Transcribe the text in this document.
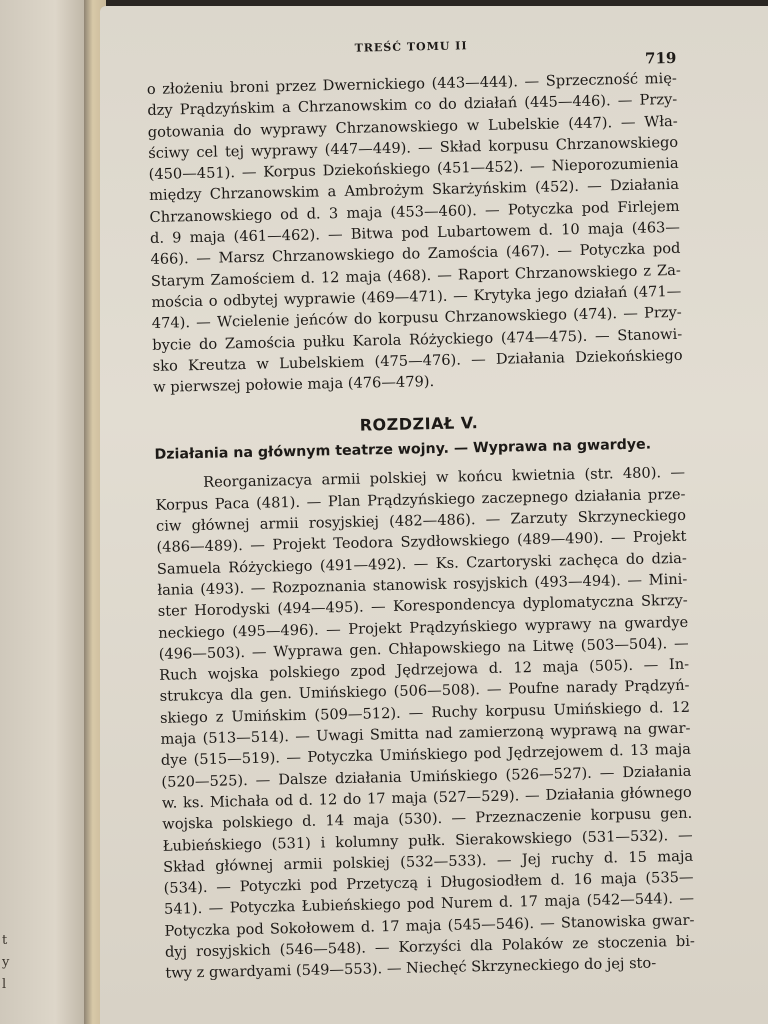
t
y
l
TREŚĆ TOMU II
719
o złożeniu broni przez Dwernickiego (443—444). — Sprzeczność mię-
dzy Prądzyńskim a Chrzanowskim co do działań (445—446). — Przy-
gotowania do wyprawy Chrzanowskiego w Lubelskie (447). — Wła-
ściwy cel tej wyprawy (447—449). — Skład korpusu Chrzanowskiego
(450—451). — Korpus Dziekońskiego (451—452). — Nieporozumienia
między Chrzanowskim a Ambrożym Skarżyńskim (452). — Działania
Chrzanowskiego od d. 3 maja (453—460). — Potyczka pod Firlejem
d. 9 maja (461—462). — Bitwa pod Lubartowem d. 10 maja (463—
466). — Marsz Chrzanowskiego do Zamościa (467). — Potyczka pod
Starym Zamościem d. 12 maja (468). — Raport Chrzanowskiego z Za-
mościa o odbytej wyprawie (469—471). — Krytyka jego działań (471—
474). — Wcielenie jeńców do korpusu Chrzanowskiego (474). — Przy-
bycie do Zamościa pułku Karola Różyckiego (474—475). — Stanowi-
sko Kreutza w Lubelskiem (475—476). — Działania Dziekońskiego
w pierwszej połowie maja (476—479).
ROZDZIAŁ V.
Działania na głównym teatrze wojny. — Wyprawa na gwardye.
Reorganizacya armii polskiej w końcu kwietnia (str. 480). —
Korpus Paca (481). — Plan Prądzyńskiego zaczepnego działania prze-
ciw głównej armii rosyjskiej (482—486). — Zarzuty Skrzyneckiego
(486—489). — Projekt Teodora Szydłowskiego (489—490). — Projekt
Samuela Różyckiego (491—492). — Ks. Czartoryski zachęca do dzia-
łania (493). — Rozpoznania stanowisk rosyjskich (493—494). — Mini-
ster Horodyski (494—495). — Korespondencya dyplomatyczna Skrzy-
neckiego (495—496). — Projekt Prądzyńskiego wyprawy na gwardye
(496—503). — Wyprawa gen. Chłapowskiego na Litwę (503—504). —
Ruch wojska polskiego zpod Jędrzejowa d. 12 maja (505). — In-
strukcya dla gen. Umińskiego (506—508). — Poufne narady Prądzyń-
skiego z Umińskim (509—512). — Ruchy korpusu Umińskiego d. 12
maja (513—514). — Uwagi Smitta nad zamierzoną wyprawą na gwar-
dye (515—519). — Potyczka Umińskiego pod Jędrzejowem d. 13 maja
(520—525). — Dalsze działania Umińskiego (526—527). — Działania
w. ks. Michała od d. 12 do 17 maja (527—529). — Działania głównego
wojska polskiego d. 14 maja (530). — Przeznaczenie korpusu gen.
Łubieńskiego (531) i kolumny pułk. Sierakowskiego (531—532). —
Skład głównej armii polskiej (532—533). — Jej ruchy d. 15 maja
(534). — Potyczki pod Przetyczą i Długosiodłem d. 16 maja (535—
541). — Potyczka Łubieńskiego pod Nurem d. 17 maja (542—544). —
Potyczka pod Sokołowem d. 17 maja (545—546). — Stanowiska gwar-
dyj rosyjskich (546—548). — Korzyści dla Polaków ze stoczenia bi-
twy z gwardyami (549—553). — Niechęć Skrzyneckiego do jej sto-
